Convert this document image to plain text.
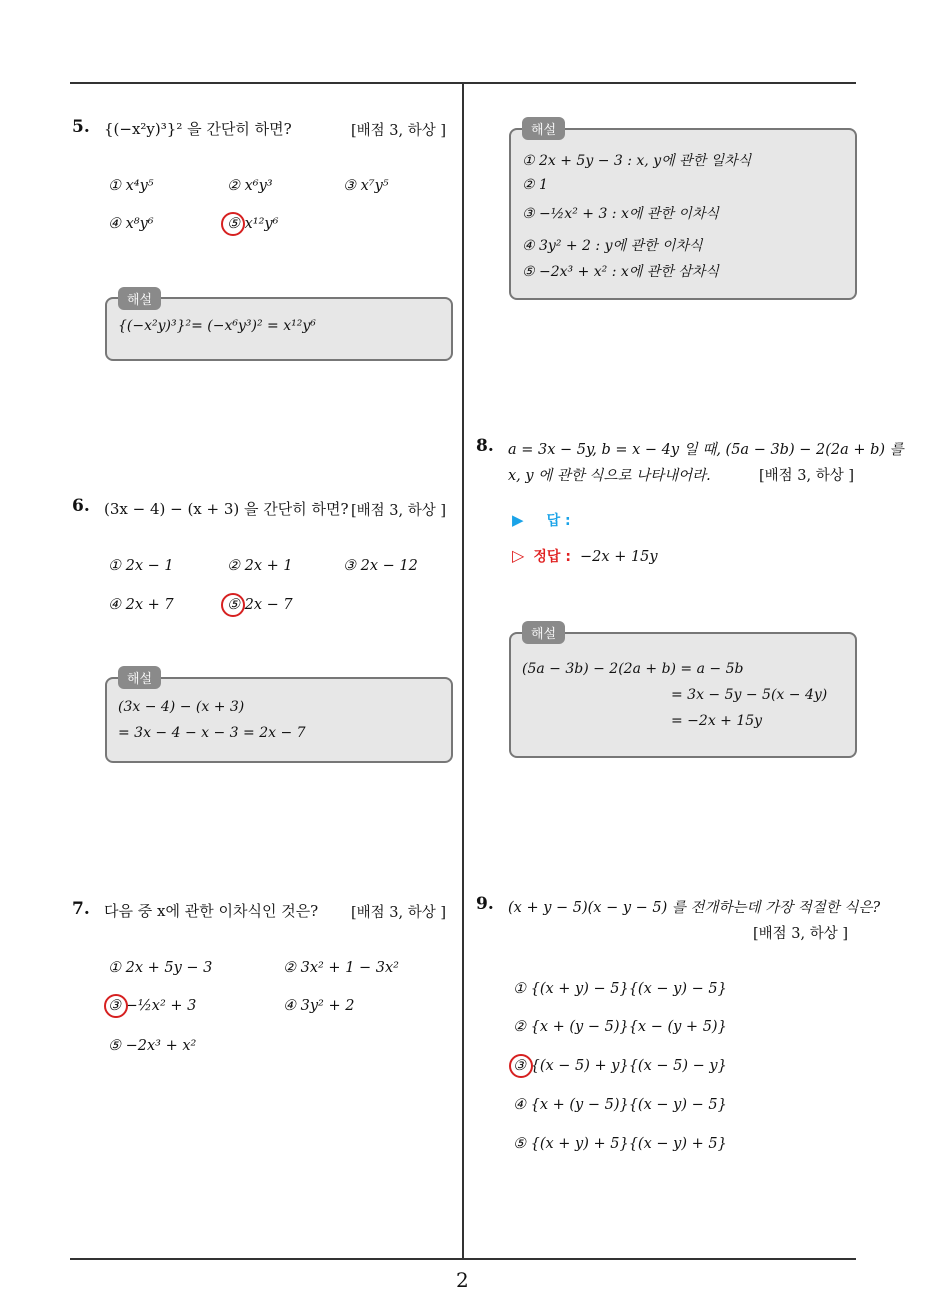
5. {(−x²y)³}² 을 간단히 하면?	[배점 3, 하상 ]
① x⁴y⁵	② x⁶y³	③ x⁷y⁵
④ x⁸y⁶	⑤ x¹²y⁶
해설
{(−x²y)³}²= (−x⁶y³)² = x¹²y⁶
6. (3x − 4) − (x + 3) 을 간단히 하면? [배점 3, 하상 ]
① 2x − 1	② 2x + 1	③ 2x − 12
④ 2x + 7	⑤ 2x − 7
해설
(3x − 4) − (x + 3)
= 3x − 4 − x − 3 = 2x − 7
7. 다음 중 x에 관한 이차식인 것은? [배점 3, 하상 ]
① 2x + 5y − 3	② 3x² + 1 − 3x²
③ −½x² + 3	④ 3y² + 2
⑤ −2x³ + x²
해설
① 2x + 5y − 3 : x, y에 관한 일차식
② 1
③ −½x² + 3 : x에 관한 이차식
④ 3y² + 2 : y에 관한 이차식
⑤ −2x³ + x² : x에 관한 삼차식
8. a = 3x − 5y, b = x − 4y 일 때, (5a − 3b) − 2(2a + b) 를
x, y 에 관한 식으로 나타내어라.	[배점 3, 하상 ]
▶ 답 :
▷ 정답 : −2x + 15y
해설
(5a − 3b) − 2(2a + b) = a − 5b
= 3x − 5y − 5(x − 4y)
= −2x + 15y
9. (x + y − 5)(x − y − 5) 를 전개하는데 가장 적절한 식은?
[배점 3, 하상 ]
① {(x + y) − 5}{(x − y) − 5}
② {x + (y − 5)}{x − (y + 5)}
③ {(x − 5) + y}{(x − 5) − y}
④ {x + (y − 5)}{(x − y) − 5}
⑤ {(x + y) + 5}{(x − y) + 5}
2
